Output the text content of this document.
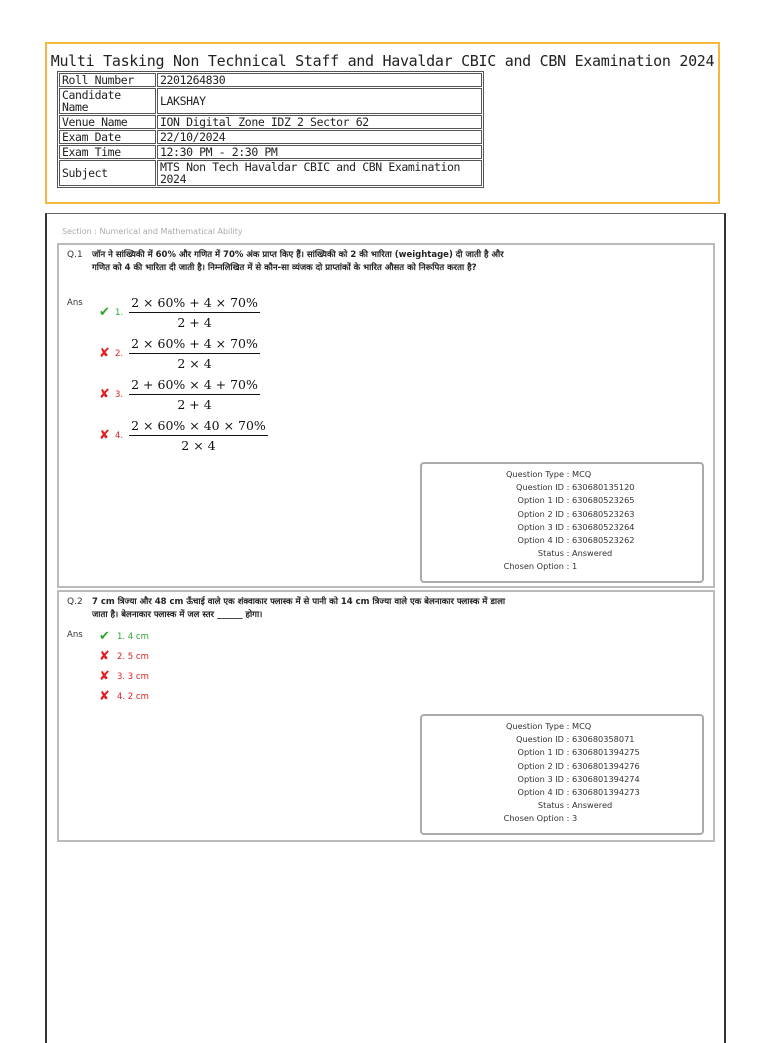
Multi Tasking Non Technical Staff and Havaldar CBIC and CBN Examination 2024
Roll Number	2201264830
Candidate Name	LAKSHAY
Venue Name	ION Digital Zone IDZ 2 Sector 62
Exam Date	22/10/2024
Exam Time	12:30 PM - 2:30 PM
Subject	MTS Non Tech Havaldar CBIC and CBN Examination 2024
Section : Numerical and Mathematical Ability
Q.1 जॉन ने सांख्यिकी में 60% और गणित में 70% अंक प्राप्त किए हैं। सांख्यिकी को 2 की भारिता (weightage) दी जाती है और गणित को 4 की भारिता दी जाती है। निम्नलिखित में से कौन-सा व्यंजक दो प्राप्तांकों के भारित औसत को निरूपित करता है?
Ans
✔ 1. $\frac{2 \times 60\% + 4 \times 70\%}{2 + 4}$
✘ 2. $\frac{2 \times 60\% + 4 \times 70\%}{2 \times 4}$
✘ 3. $\frac{2 + 60\% \times 4 + 70\%}{2 + 4}$
✘ 4. $\frac{2 \times 60\% \times 40 \times 70\%}{2 \times 4}$
Question Type : MCQ
Question ID : 630680135120
Option 1 ID : 630680523265
Option 2 ID : 630680523263
Option 3 ID : 630680523264
Option 4 ID : 630680523262
Status : Answered
Chosen Option : 1
Q.2 7 cm त्रिज्या और 48 cm ऊँचाई वाले एक शंक्वाकार फ्लास्क में से पानी को 14 cm त्रिज्या वाले एक बेलनाकार फ्लास्क में डाला जाता है। बेलनाकार फ्लास्क में जल स्तर ______ होगा।
Ans ✔ 1. 4 cm
✘ 2. 5 cm
✘ 3. 3 cm
✘ 4. 2 cm
Question Type : MCQ
Question ID : 630680358071
Option 1 ID : 630680139427​5
Option 2 ID : 6306801394276
Option 3 ID : 6306801394274
Option 4 ID : 6306801394273
Status : Answered
Chosen Option : 3
